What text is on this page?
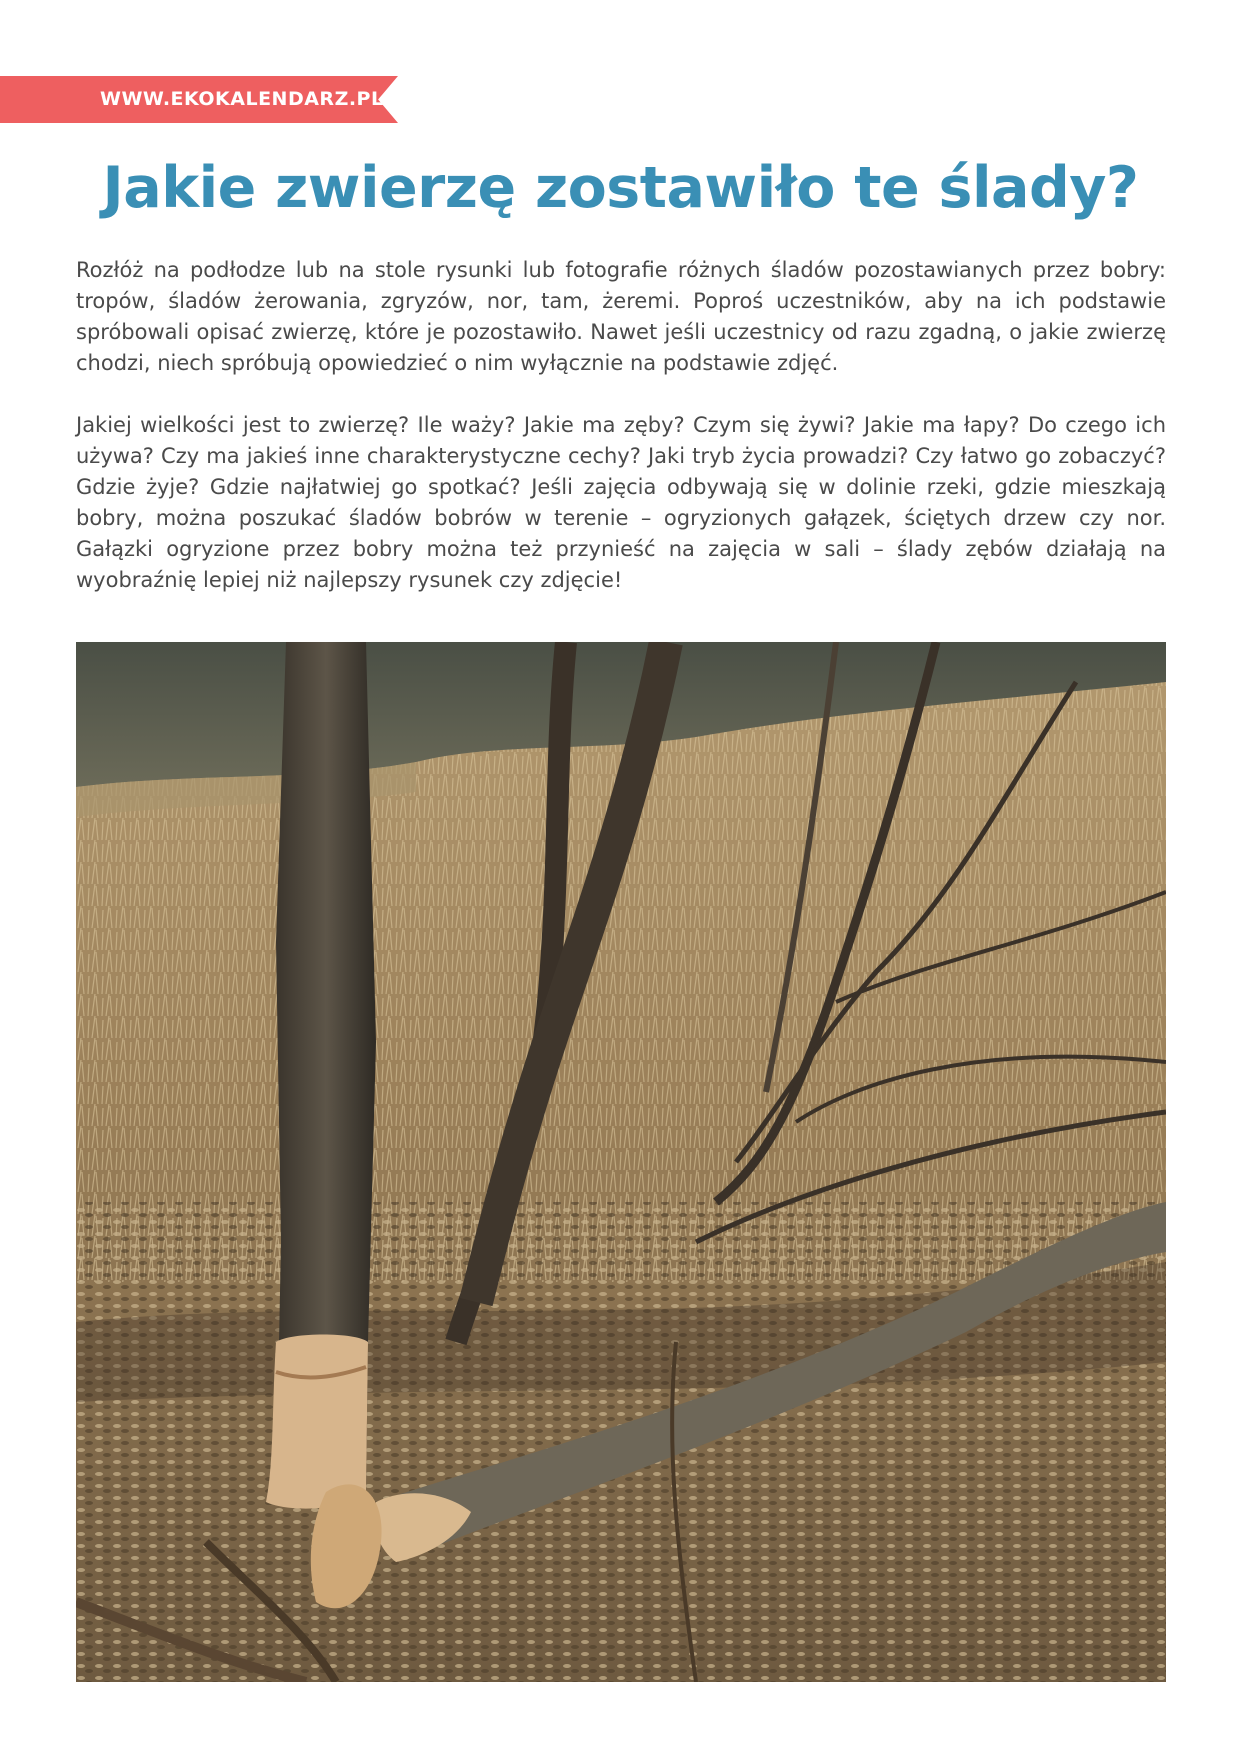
WWW.EKOKALENDARZ.PL
Jakie zwierzę zostawiło te ślady?

Rozłóż na podłodze lub na stole rysunki lub fotografie różnych śladów pozostawianych przez bobry: tropów, śladów żerowania, zgryzów, nor, tam, żeremi. Poproś uczestników, aby na ich podstawie spróbowali opisać zwierzę, które je pozostawiło. Nawet jeśli uczestnicy od razu zgadną, o jakie zwierzę chodzi, niech spróbują opowiedzieć o nim wyłącznie na podstawie zdjęć.

Jakiej wielkości jest to zwierzę? Ile waży? Jakie ma zęby? Czym się żywi? Jakie ma łapy? Do czego ich używa? Czy ma jakieś inne charakterystyczne cechy? Jaki tryb życia prowadzi? Czy łatwo go zobaczyć? Gdzie żyje? Gdzie najłatwiej go spotkać? Jeśli zajęcia odbywają się w dolinie rzeki, gdzie mieszkają bobry, można poszukać śladów bobrów w terenie – ogryzionych gałązek, ściętych drzew czy nor. Gałązki ogryzione przez bobry można też przynieść na zajęcia w sali – ślady zębów działają na wyobraźnię lepiej niż najlepszy rysunek czy zdjęcie!
